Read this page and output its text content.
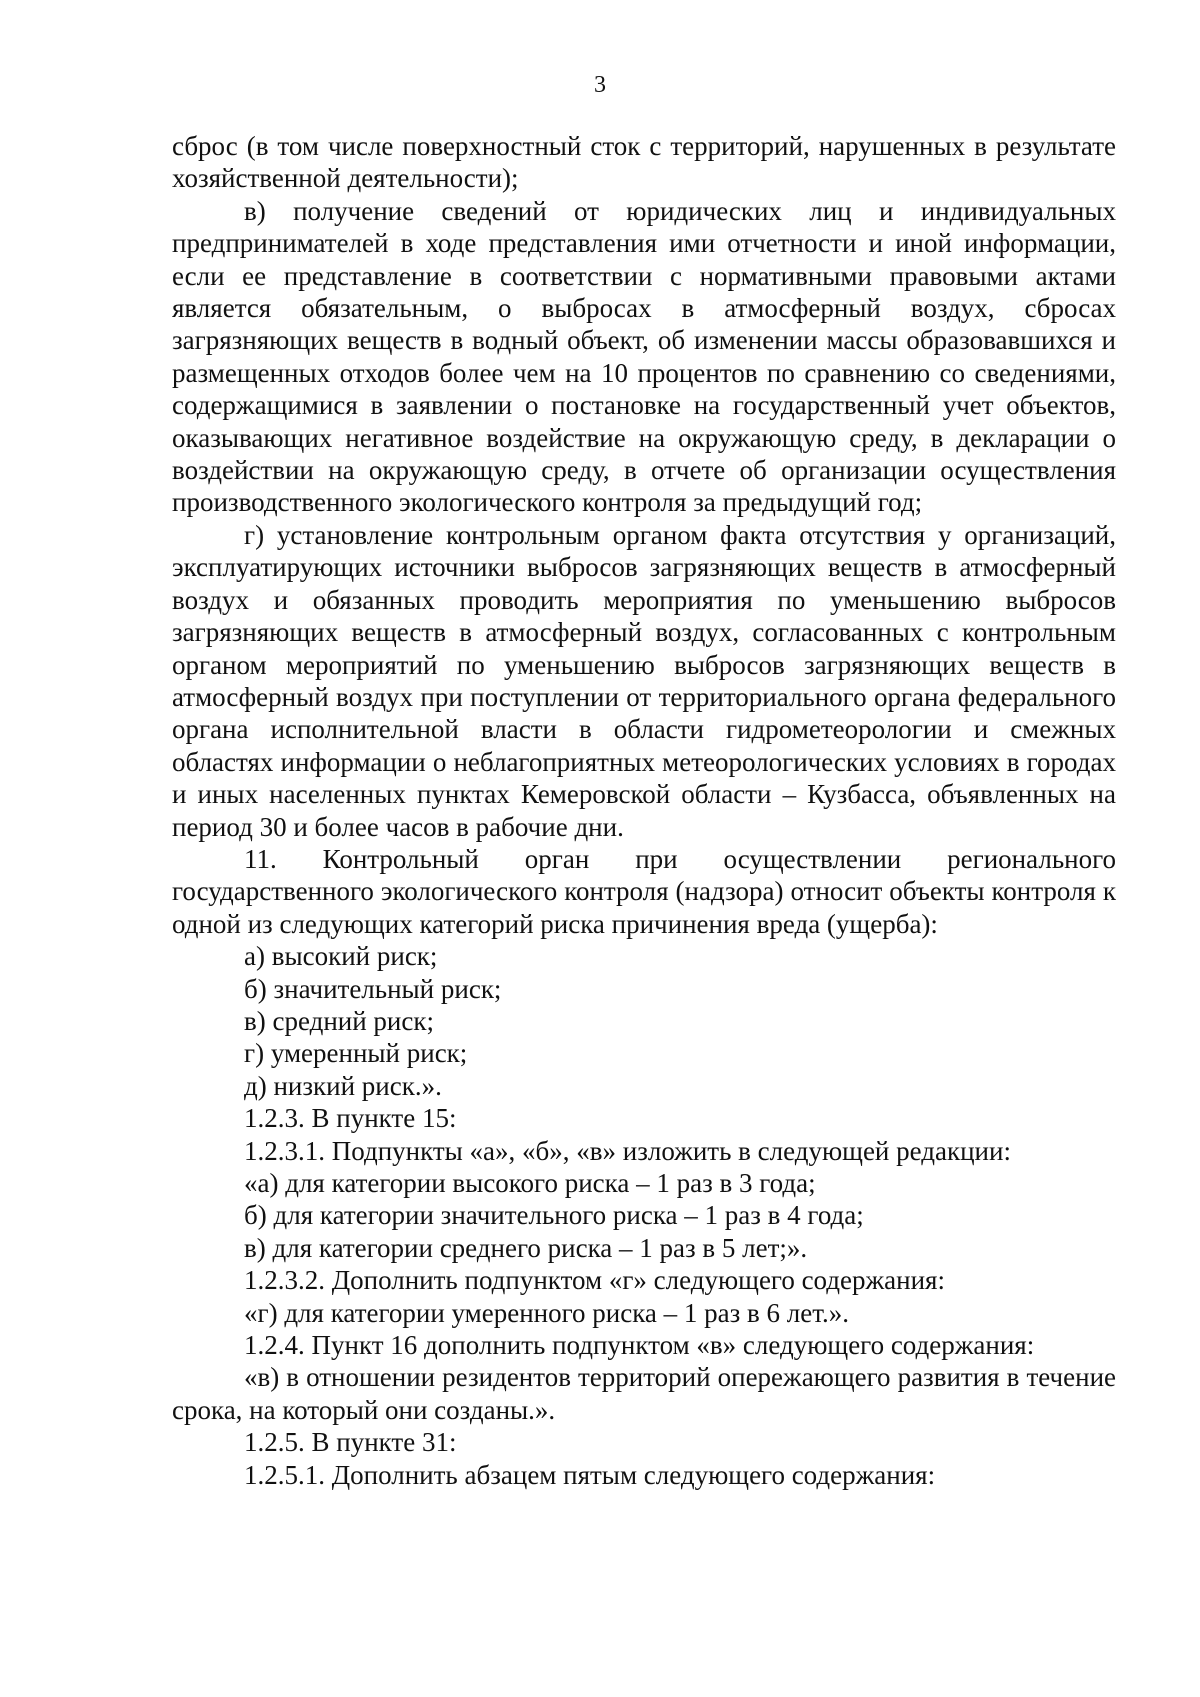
3

сброс (в том числе поверхностный сток с территорий, нарушенных в результате хозяйственной деятельности);

в) получение сведений от юридических лиц и индивидуальных предпринимателей в ходе представления ими отчетности и иной информации, если ее представление в соответствии с нормативными правовыми актами является обязательным, о выбросах в атмосферный воздух, сбросах загрязняющих веществ в водный объект, об изменении массы образовавшихся и размещенных отходов более чем на 10 процентов по сравнению со сведениями, содержащимися в заявлении о постановке на государственный учет объектов, оказывающих негативное воздействие на окружающую среду, в декларации о воздействии на окружающую среду, в отчете об организации осуществления производственного экологического контроля за предыдущий год;

г) установление контрольным органом факта отсутствия у организаций, эксплуатирующих источники выбросов загрязняющих веществ в атмосферный воздух и обязанных проводить мероприятия по уменьшению выбросов загрязняющих веществ в атмосферный воздух, согласованных с контрольным органом мероприятий по уменьшению выбросов загрязняющих веществ в атмосферный воздух при поступлении от территориального органа федерального органа исполнительной власти в области гидрометеорологии и смежных областях информации о неблагоприятных метеорологических условиях в городах и иных населенных пунктах Кемеровской области – Кузбасса, объявленных на период 30 и более часов в рабочие дни.

11. Контрольный орган при осуществлении регионального государственного экологического контроля (надзора) относит объекты контроля к одной из следующих категорий риска причинения вреда (ущерба):

а) высокий риск;

б) значительный риск;

в) средний риск;

г) умеренный риск;

д) низкий риск.».

1.2.3. В пункте 15:

1.2.3.1. Подпункты «а», «б», «в» изложить в следующей редакции:

«а) для категории высокого риска – 1 раз в 3 года;

б) для категории значительного риска – 1 раз в 4 года;

в) для категории среднего риска – 1 раз в 5 лет;».

1.2.3.2. Дополнить подпунктом «г» следующего содержания:

«г) для категории умеренного риска – 1 раз в 6 лет.».

1.2.4. Пункт 16 дополнить подпунктом «в» следующего содержания:

«в) в отношении резидентов территорий опережающего развития в течение срока, на который они созданы.».

1.2.5. В пункте 31:

1.2.5.1. Дополнить абзацем пятым следующего содержания:
